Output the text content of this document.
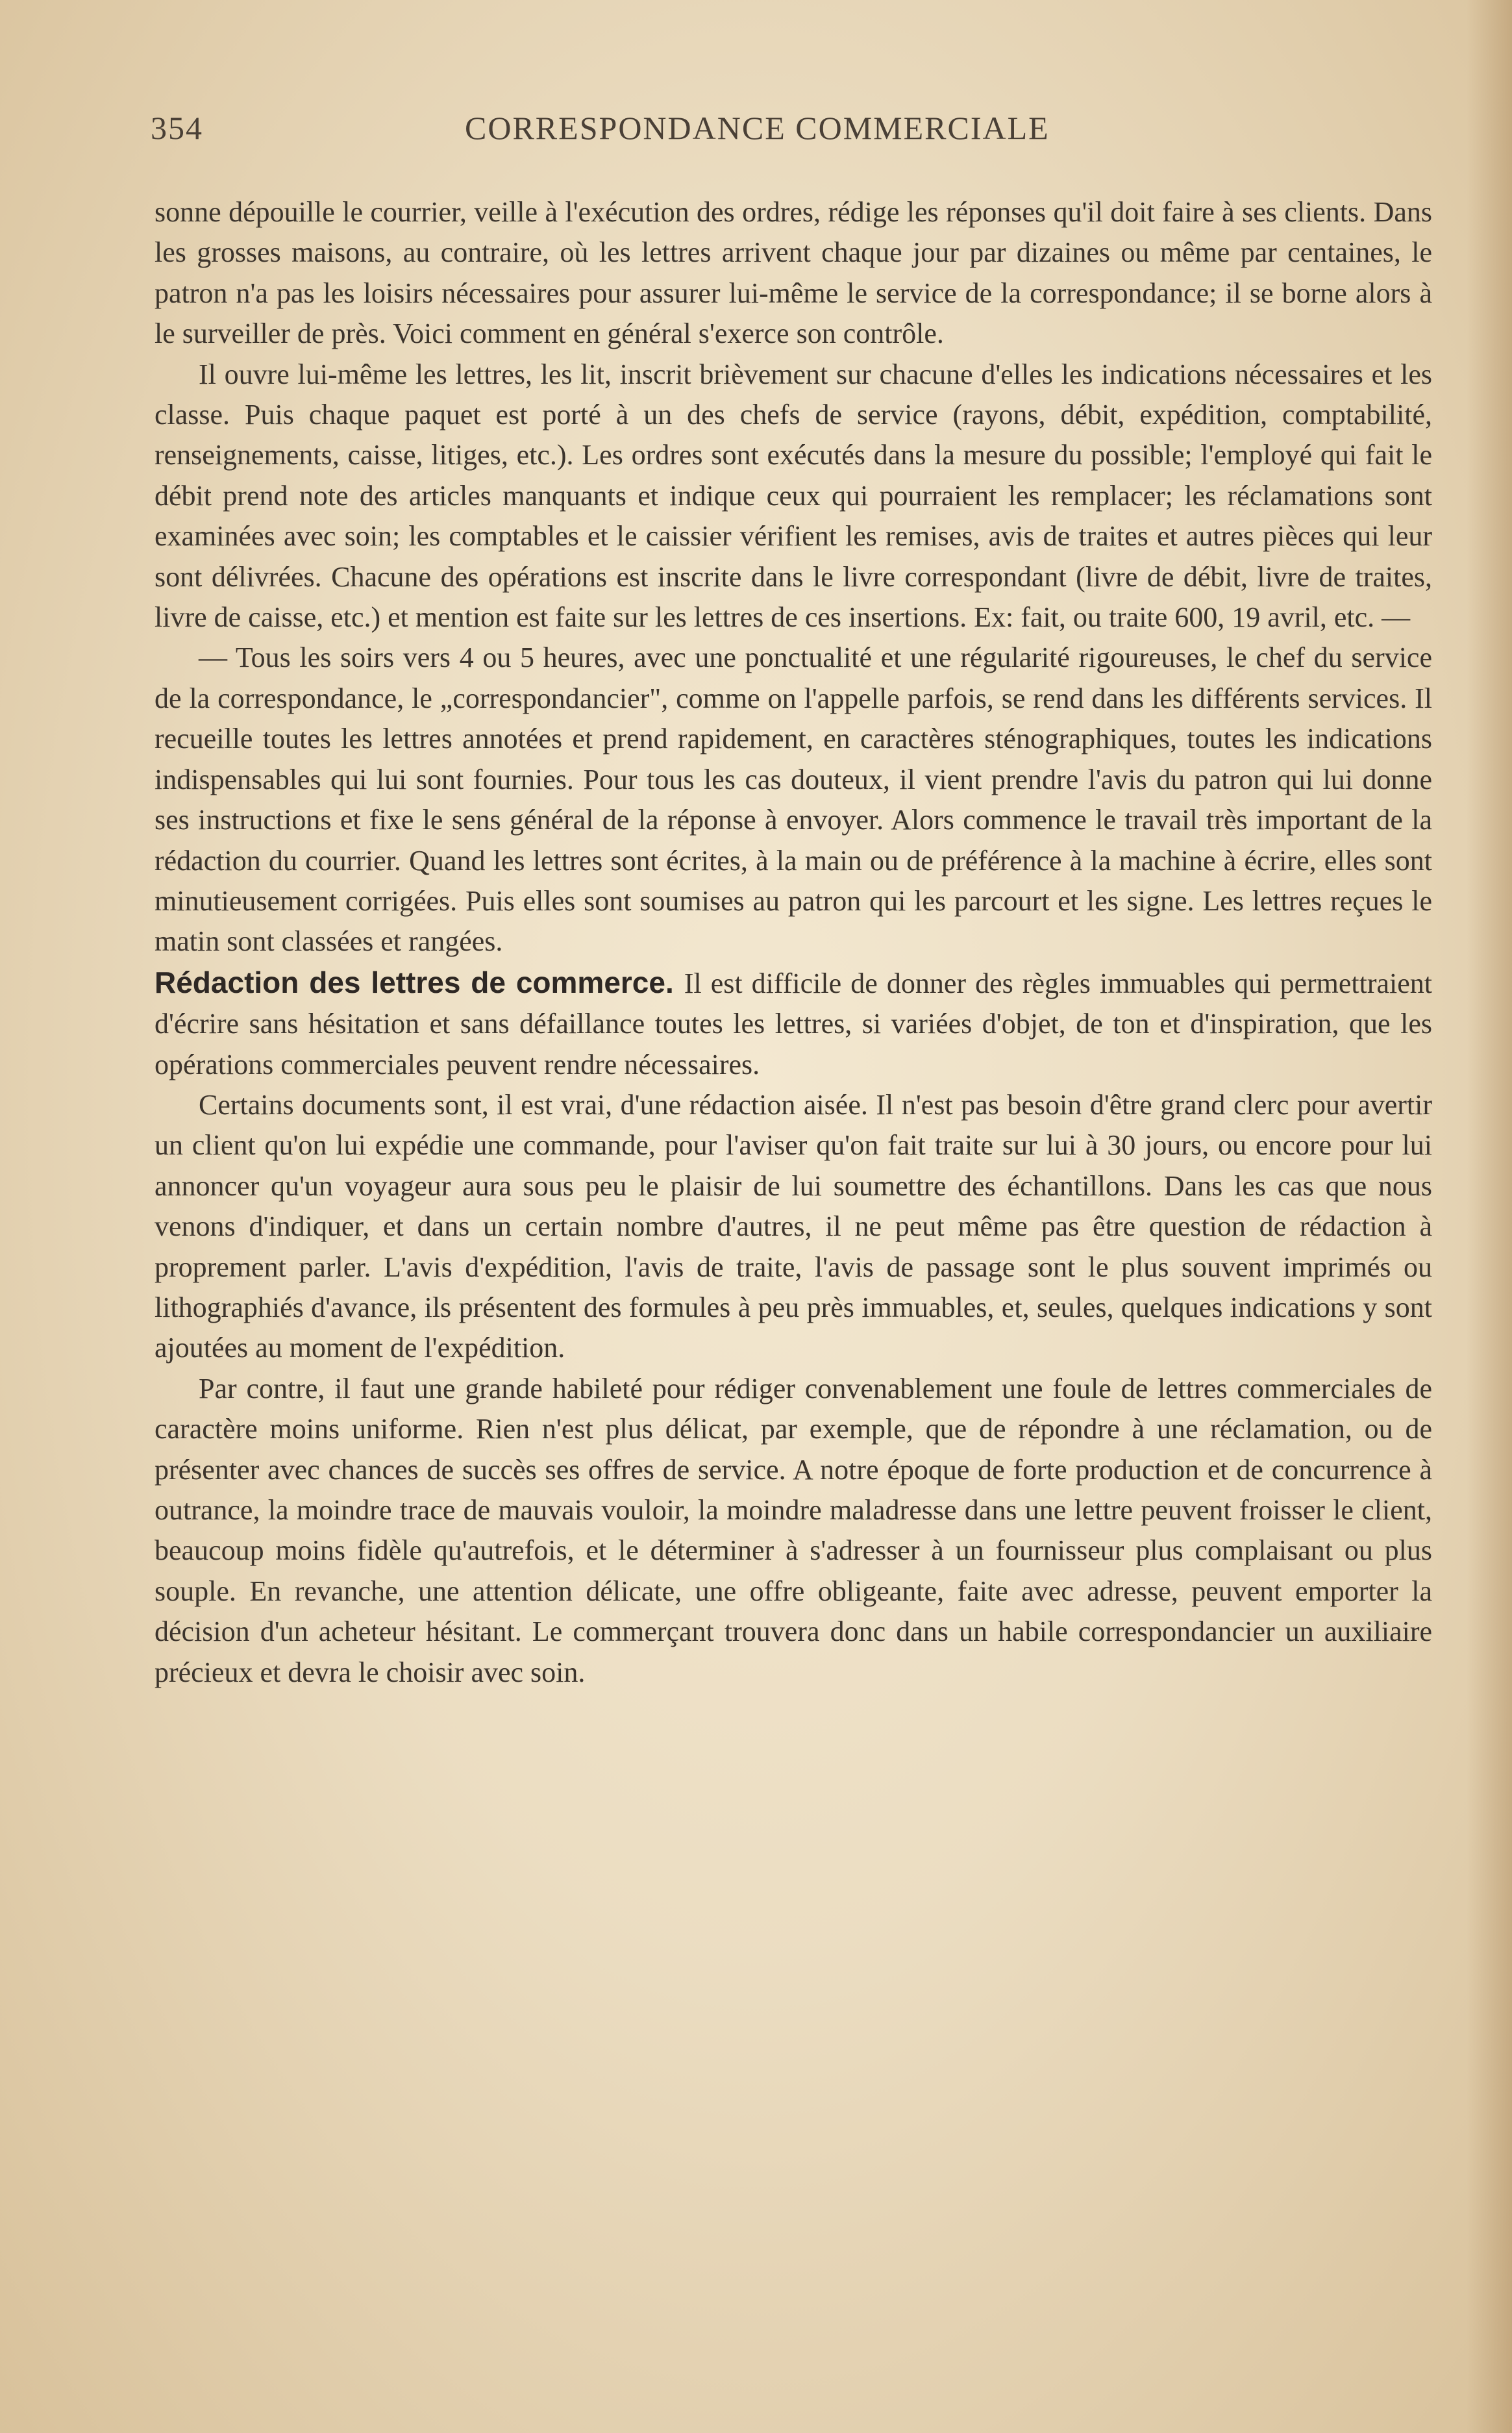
354	CORRESPONDANCE COMMERCIALE

sonne dépouille le courrier, veille à l'exécution des ordres, rédige les réponses qu'il doit faire à ses clients. Dans les grosses maisons, au contraire, où les lettres arrivent chaque jour par dizaines ou même par centaines, le patron n'a pas les loisirs nécessaires pour assurer lui-même le service de la correspondance; il se borne alors à le surveiller de près. Voici comment en général s'exerce son contrôle.

Il ouvre lui-même les lettres, les lit, inscrit brièvement sur chacune d'elles les indications nécessaires et les classe. Puis chaque paquet est porté à un des chefs de service (rayons, débit, expédition, comptabilité, renseignements, caisse, litiges, etc.). Les ordres sont exécutés dans la mesure du possible; l'employé qui fait le débit prend note des articles manquants et indique ceux qui pourraient les remplacer; les réclamations sont examinées avec soin; les comptables et le caissier vérifient les remises, avis de traites et autres pièces qui leur sont délivrées. Chacune des opérations est inscrite dans le livre correspondant (livre de débit, livre de traites, livre de caisse, etc.) et mention est faite sur les lettres de ces insertions. Ex: fait, ou traite 600, 19 avril, etc. —

— Tous les soirs vers 4 ou 5 heures, avec une ponctualité et une régularité rigoureuses, le chef du service de la correspondance, le „correspondancier", comme on l'appelle parfois, se rend dans les différents services. Il recueille toutes les lettres annotées et prend rapidement, en caractères sténographiques, toutes les indications indispensables qui lui sont fournies. Pour tous les cas douteux, il vient prendre l'avis du patron qui lui donne ses instructions et fixe le sens général de la réponse à envoyer. Alors commence le travail très important de la rédaction du courrier. Quand les lettres sont écrites, à la main ou de préférence à la machine à écrire, elles sont minutieusement corrigées. Puis elles sont soumises au patron qui les parcourt et les signe. Les lettres reçues le matin sont classées et rangées.

Rédaction des lettres de commerce. Il est difficile de donner des règles immuables qui permettraient d'écrire sans hésitation et sans défaillance toutes les lettres, si variées d'objet, de ton et d'inspiration, que les opérations commerciales peuvent rendre nécessaires.

Certains documents sont, il est vrai, d'une rédaction aisée. Il n'est pas besoin d'être grand clerc pour avertir un client qu'on lui expédie une commande, pour l'aviser qu'on fait traite sur lui à 30 jours, ou encore pour lui annoncer qu'un voyageur aura sous peu le plaisir de lui soumettre des échantillons. Dans les cas que nous venons d'indiquer, et dans un certain nombre d'autres, il ne peut même pas être question de rédaction à proprement parler. L'avis d'expédition, l'avis de traite, l'avis de passage sont le plus souvent imprimés ou lithographiés d'avance, ils présentent des formules à peu près immuables, et, seules, quelques indications y sont ajoutées au moment de l'expédition.

Par contre, il faut une grande habileté pour rédiger convenablement une foule de lettres commerciales de caractère moins uniforme. Rien n'est plus délicat, par exemple, que de répondre à une réclamation, ou de présenter avec chances de succès ses offres de service. A notre époque de forte production et de concurrence à outrance, la moindre trace de mauvais vouloir, la moindre maladresse dans une lettre peuvent froisser le client, beaucoup moins fidèle qu'autrefois, et le déterminer à s'adresser à un fournisseur plus complaisant ou plus souple. En revanche, une attention délicate, une offre obligeante, faite avec adresse, peuvent emporter la décision d'un acheteur hésitant. Le commerçant trouvera donc dans un habile correspondancier un auxiliaire précieux et devra le choisir avec soin.
